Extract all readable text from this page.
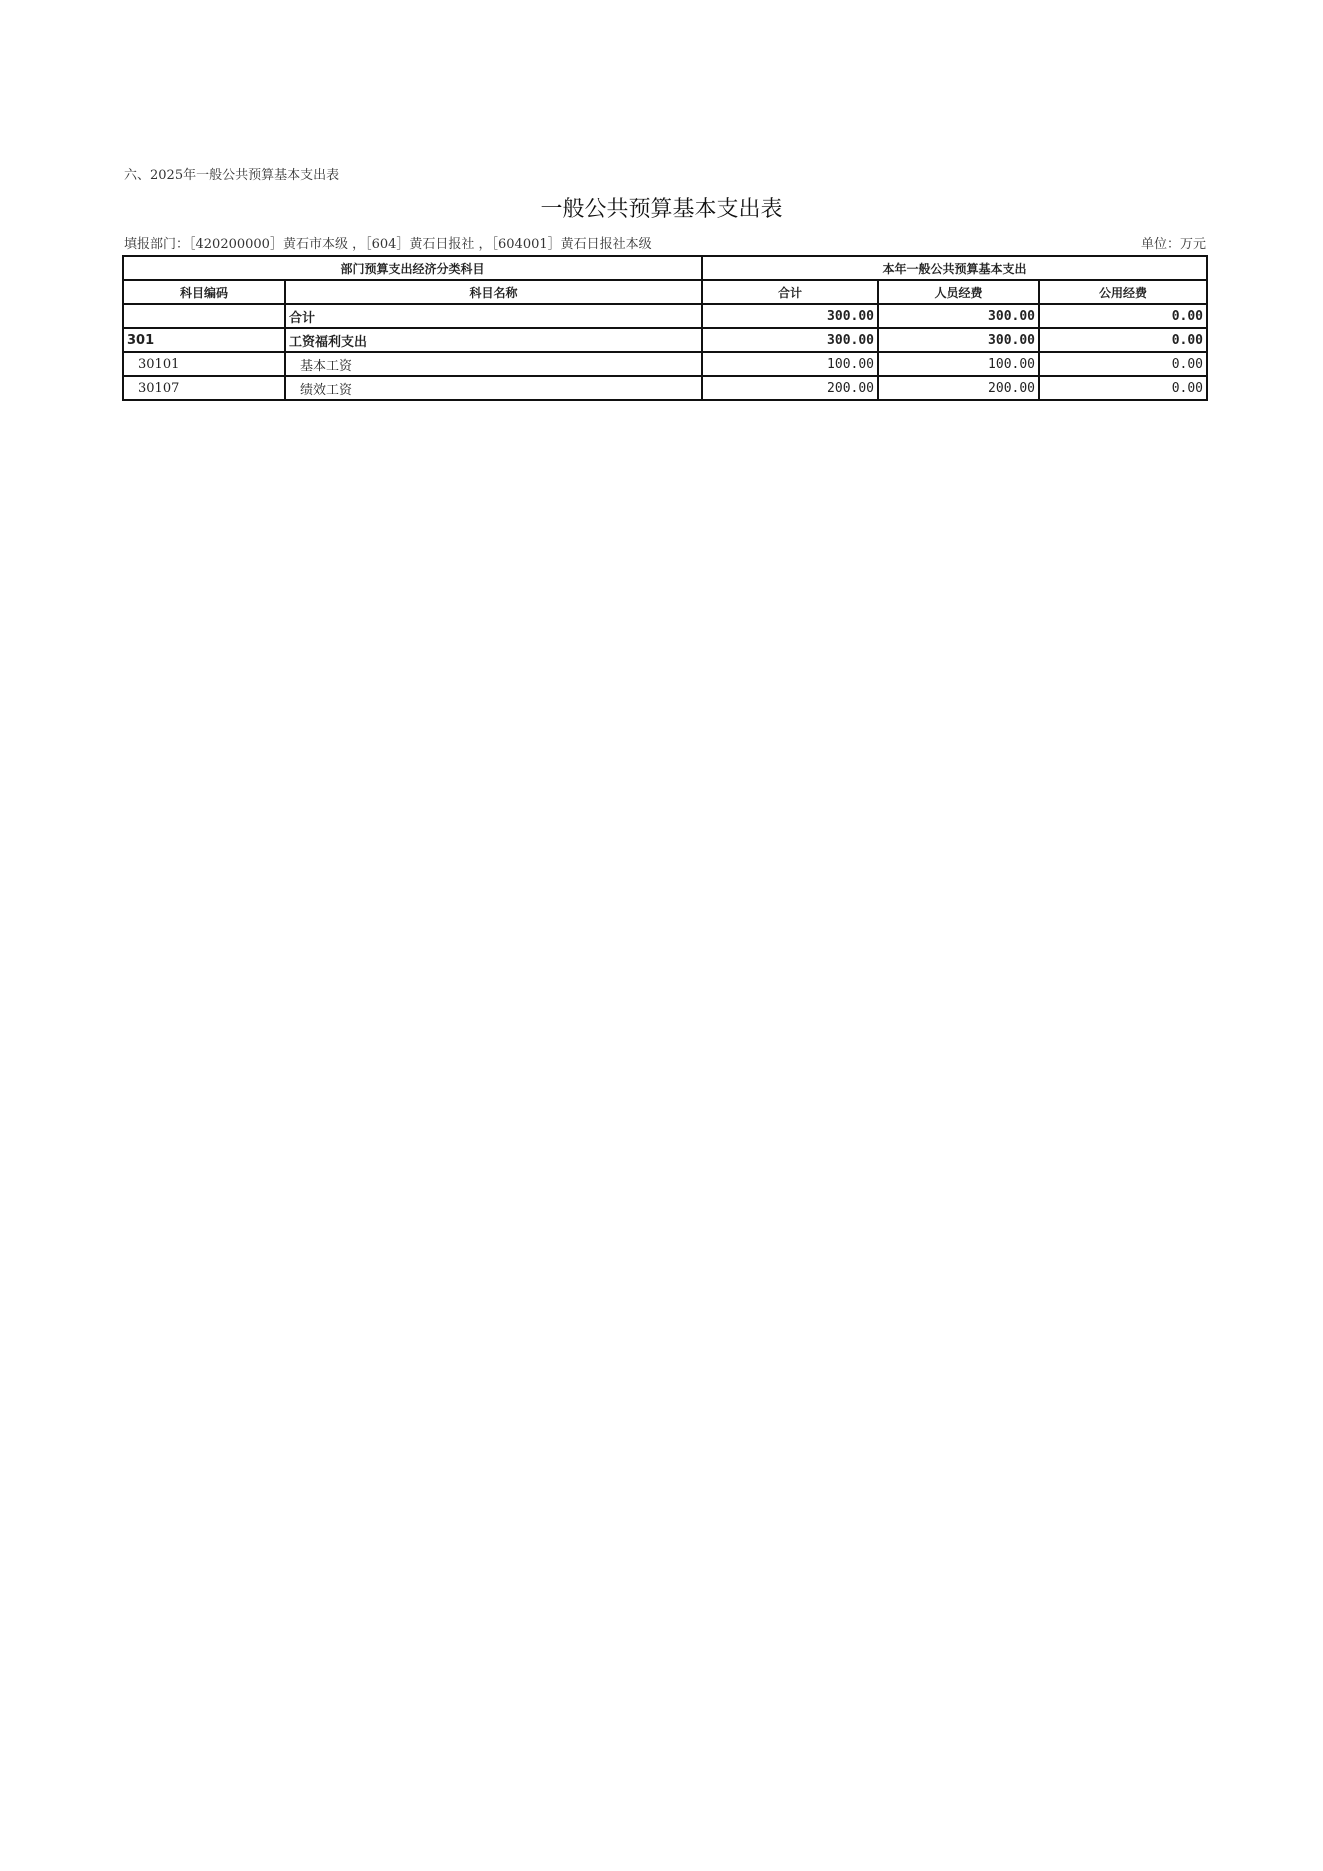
六、2025年一般公共预算基本支出表
一般公共预算基本支出表
填报部门：［420200000］黄石市本级 ，［604］黄石日报社 ，［604001］黄石日报社本级	单位：万元
部门预算支出经济分类科目		本年一般公共预算基本支出		
科目编码	科目名称	合计	人员经费	公用经费
	合计	300.00	300.00	0.00
301	工资福利支出	300.00	300.00	0.00
30101	基本工资	100.00	100.00	0.00
30107	绩效工资	200.00	200.00	0.00
